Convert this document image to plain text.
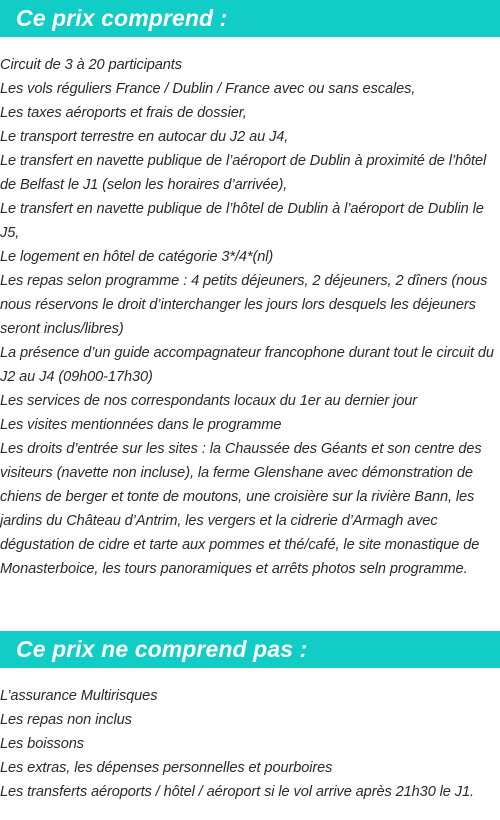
Ce prix comprend :
Circuit de 3 à 20 participants
Les vols réguliers France / Dublin / France avec ou sans escales,
Les taxes aéroports et frais de dossier,
Le transport terrestre en autocar du J2 au J4,
Le transfert en navette publique de l’aéroport de Dublin à proximité de l’hôtel de Belfast le J1 (selon les horaires d’arrivée),
Le transfert en navette publique de l’hôtel de Dublin à l’aéroport de Dublin le J5,
Le logement en hôtel de catégorie 3*/4*(nl)
Les repas selon programme : 4 petits déjeuners, 2 déjeuners, 2 dîners (nous nous réservons le droit d’interchanger les jours lors desquels les déjeuners seront inclus/libres)
La présence d’un guide accompagnateur francophone durant tout le circuit du J2 au J4 (09h00-17h30)
Les services de nos correspondants locaux du 1er au dernier jour
Les visites mentionnées dans le programme
Les droits d’entrée sur les sites : la Chaussée des Géants et son centre des visiteurs (navette non incluse), la ferme Glenshane avec démonstration de chiens de berger et tonte de moutons, une croisière sur la rivière Bann, les jardins du Château d’Antrim, les vergers et la cidrerie d’Armagh avec dégustation de cidre et tarte aux pommes et thé/café, le site monastique de Monasterboice, les tours panoramiques et arrêts photos seln programme.
Ce prix ne comprend pas :
L’assurance Multirisques
Les repas non inclus
Les boissons
Les extras, les dépenses personnelles et pourboires
Les transferts aéroports / hôtel / aéroport si le vol arrive après 21h30 le J1.
